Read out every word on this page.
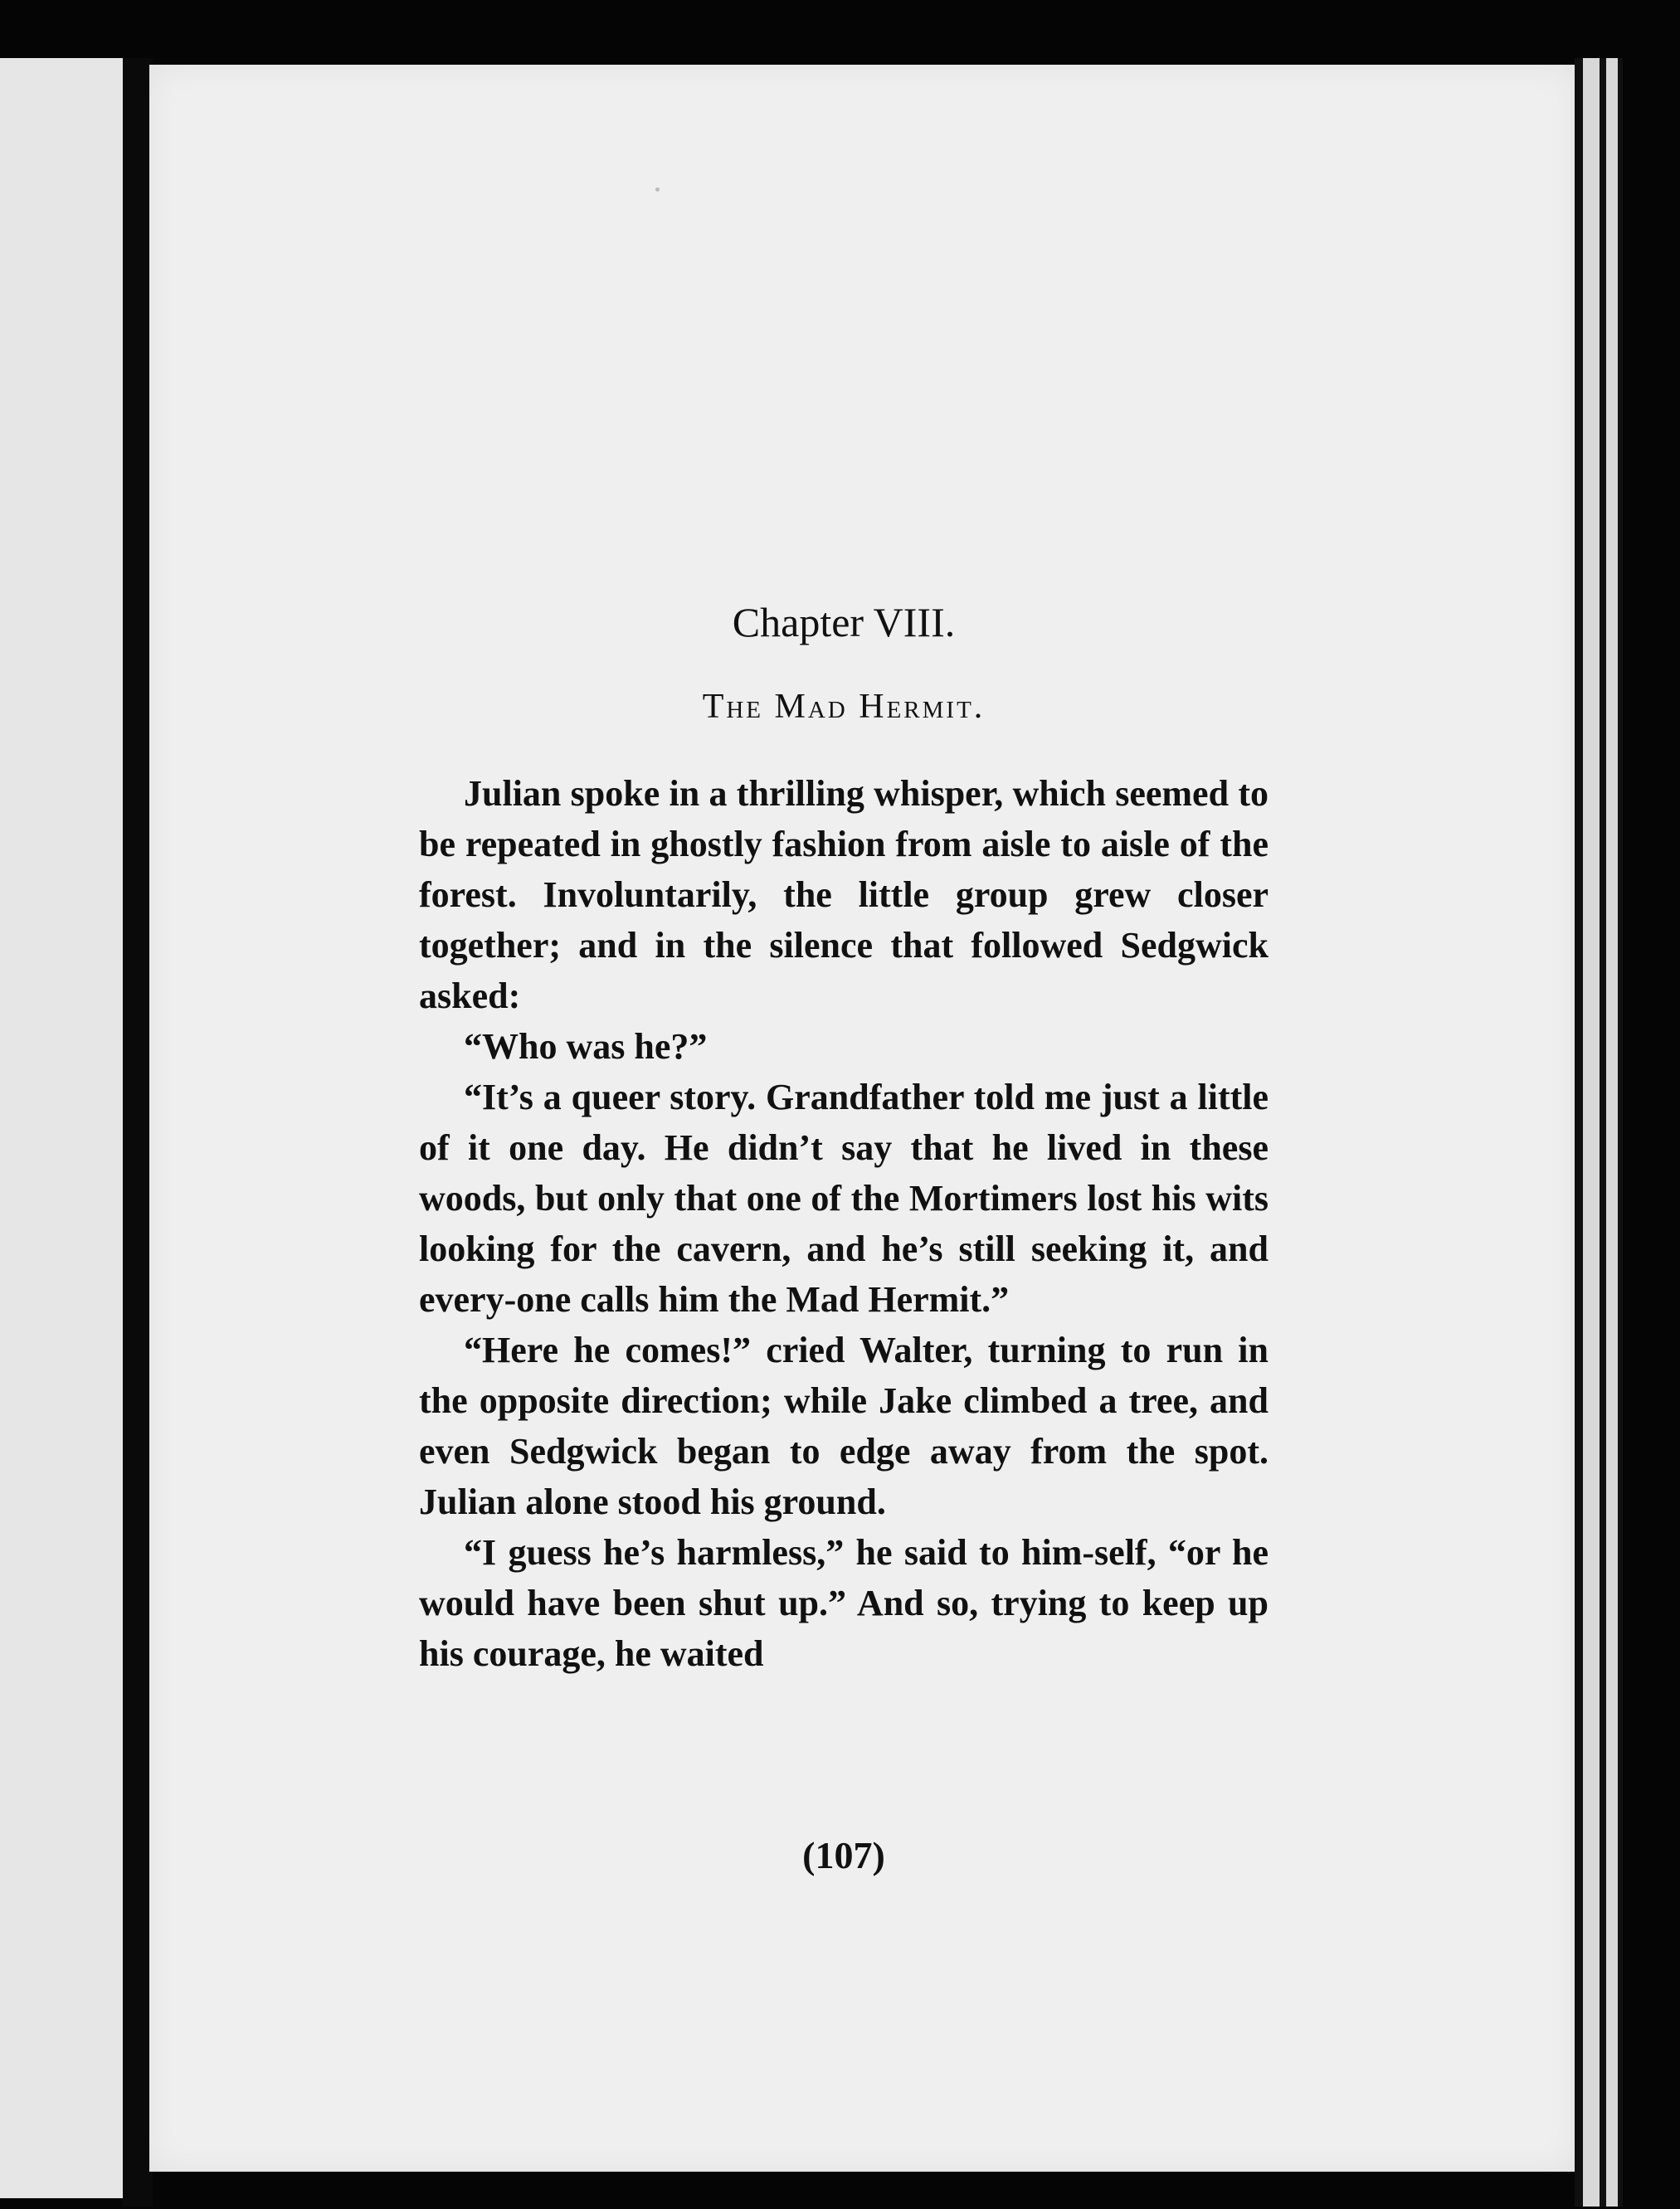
Chapter VIII.
The Mad Hermit.

Julian spoke in a thrilling whisper, which seemed to be repeated in ghostly fashion from aisle to aisle of the forest. Involuntarily, the little group grew closer together; and in the silence that followed Sedgwick asked:

“Who was he?”

“It’s a queer story. Grandfather told me just a little of it one day. He didn’t say that he lived in these woods, but only that one of the Mortimers lost his wits looking for the cavern, and he’s still seeking it, and every-one calls him the Mad Hermit.”

“Here he comes!” cried Walter, turning to run in the opposite direction; while Jake climbed a tree, and even Sedgwick began to edge away from the spot. Julian alone stood his ground.

“I guess he’s harmless,” he said to him-self, “or he would have been shut up.” And so, trying to keep up his courage, he waited

(107)
